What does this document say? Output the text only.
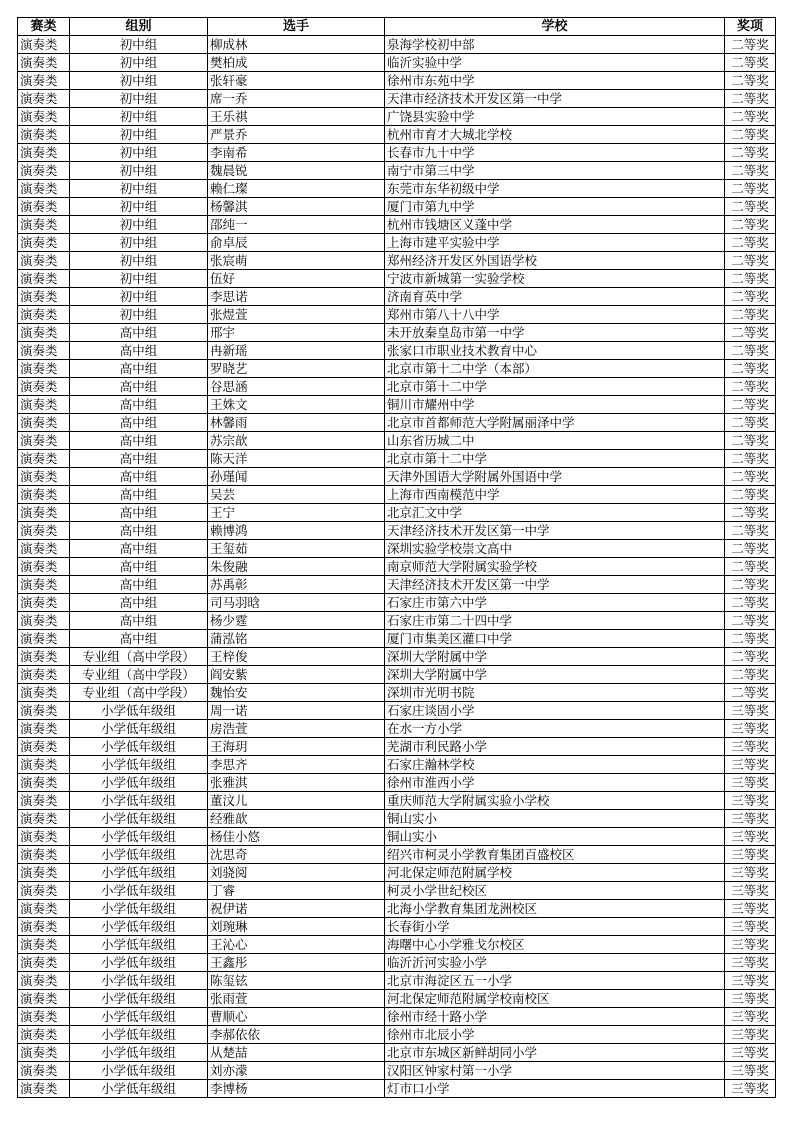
赛类	组别	选手	学校	奖项
演奏类	初中组	柳成林	泉海学校初中部	二等奖
演奏类	初中组	樊柏成	临沂实验中学	二等奖
演奏类	初中组	张轩豪	徐州市东苑中学	二等奖
演奏类	初中组	席一乔	天津市经济技术开发区第一中学	二等奖
演奏类	初中组	王乐祺	广饶县实验中学	二等奖
演奏类	初中组	严景乔	杭州市育才大城北学校	二等奖
演奏类	初中组	李南希	长春市九十中学	二等奖
演奏类	初中组	魏晨锐	南宁市第三中学	二等奖
演奏类	初中组	赖仁璨	东莞市东华初级中学	二等奖
演奏类	初中组	杨馨淇	厦门市第九中学	二等奖
演奏类	初中组	邵纯一	杭州市钱塘区义蓬中学	二等奖
演奏类	初中组	俞卓辰	上海市建平实验中学	二等奖
演奏类	初中组	张宸萌	郑州经济开发区外国语学校	二等奖
演奏类	初中组	伍好	宁波市新城第一实验学校	二等奖
演奏类	初中组	李思诺	济南育英中学	二等奖
演奏类	初中组	张煜萱	郑州市第八十八中学	二等奖
演奏类	高中组	邢宇	未开放秦皇岛市第一中学	二等奖
演奏类	高中组	冉新瑶	张家口市职业技术教育中心	二等奖
演奏类	高中组	罗晓艺	北京市第十二中学（本部）	二等奖
演奏类	高中组	谷思涵	北京市第十二中学	二等奖
演奏类	高中组	王姝文	铜川市耀州中学	二等奖
演奏类	高中组	林馨雨	北京市首都师范大学附属丽泽中学	二等奖
演奏类	高中组	苏宗歆	山东省历城二中	二等奖
演奏类	高中组	陈天洋	北京市第十二中学	二等奖
演奏类	高中组	孙瑾闻	天津外国语大学附属外国语中学	二等奖
演奏类	高中组	吴芸	上海市西南模范中学	二等奖
演奏类	高中组	王宁	北京汇文中学	二等奖
演奏类	高中组	赖博鸿	天津经济技术开发区第一中学	二等奖
演奏类	高中组	王玺茹	深圳实验学校崇文高中	二等奖
演奏类	高中组	朱俊融	南京师范大学附属实验学校	二等奖
演奏类	高中组	苏禹彰	天津经济技术开发区第一中学	二等奖
演奏类	高中组	司马羽晗	石家庄市第六中学	二等奖
演奏类	高中组	杨少霆	石家庄市第二十四中学	二等奖
演奏类	高中组	蒲泓铭	厦门市集美区灌口中学	二等奖
演奏类	专业组（高中学段）	王梓俊	深圳大学附属中学	二等奖
演奏类	专业组（高中学段）	阎安紫	深圳大学附属中学	二等奖
演奏类	专业组（高中学段）	魏怡安	深圳市光明书院	二等奖
演奏类	小学低年级组	周一诺	石家庄谈固小学	三等奖
演奏类	小学低年级组	房浩萱	在水一方小学	三等奖
演奏类	小学低年级组	王海玥	芜湖市利民路小学	三等奖
演奏类	小学低年级组	李思齐	石家庄瀚林学校	三等奖
演奏类	小学低年级组	张雅淇	徐州市淮西小学	三等奖
演奏类	小学低年级组	董汶儿	重庆师范大学附属实验小学校	三等奖
演奏类	小学低年级组	经雅歆	铜山实小	三等奖
演奏类	小学低年级组	杨佳小悠	铜山实小	三等奖
演奏类	小学低年级组	沈思奇	绍兴市柯灵小学教育集团百盛校区	三等奖
演奏类	小学低年级组	刘骁阅	河北保定师范附属学校	三等奖
演奏类	小学低年级组	丁睿	柯灵小学世纪校区	三等奖
演奏类	小学低年级组	祝伊诺	北海小学教育集团龙洲校区	三等奖
演奏类	小学低年级组	刘琬琳	长春街小学	三等奖
演奏类	小学低年级组	王沁心	海曙中心小学雅戈尔校区	三等奖
演奏类	小学低年级组	王鑫彤	临沂沂河实验小学	三等奖
演奏类	小学低年级组	陈玺铉	北京市海淀区五一小学	三等奖
演奏类	小学低年级组	张雨萱	河北保定师范附属学校南校区	三等奖
演奏类	小学低年级组	曹顺心	徐州市经十路小学	三等奖
演奏类	小学低年级组	李郝依依	徐州市北辰小学	三等奖
演奏类	小学低年级组	从楚喆	北京市东城区新鲜胡同小学	三等奖
演奏类	小学低年级组	刘亦濛	汉阳区钟家村第一小学	三等奖
演奏类	小学低年级组	李博杨	灯市口小学	三等奖
